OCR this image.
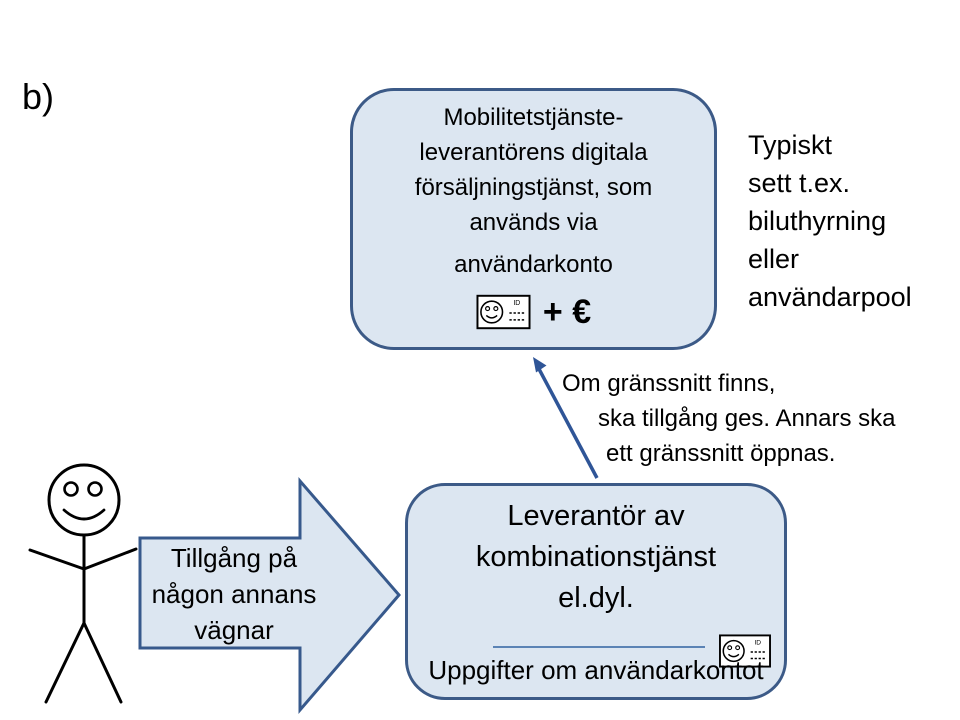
b)
Mobilitetstjänste-
leverantörens digitala
försäljningstjänst, som
används via
användarkonto
+ €
Typiskt
sett t.ex.
biluthyrning
eller
användarpool
Om gränssnitt finns,
ska tillgång ges. Annars ska
ett gränssnitt öppnas.
Tillgång på
någon annans
vägnar
Leverantör av
kombinationstjänst
el.dyl.
Uppgifter om användarkontot
